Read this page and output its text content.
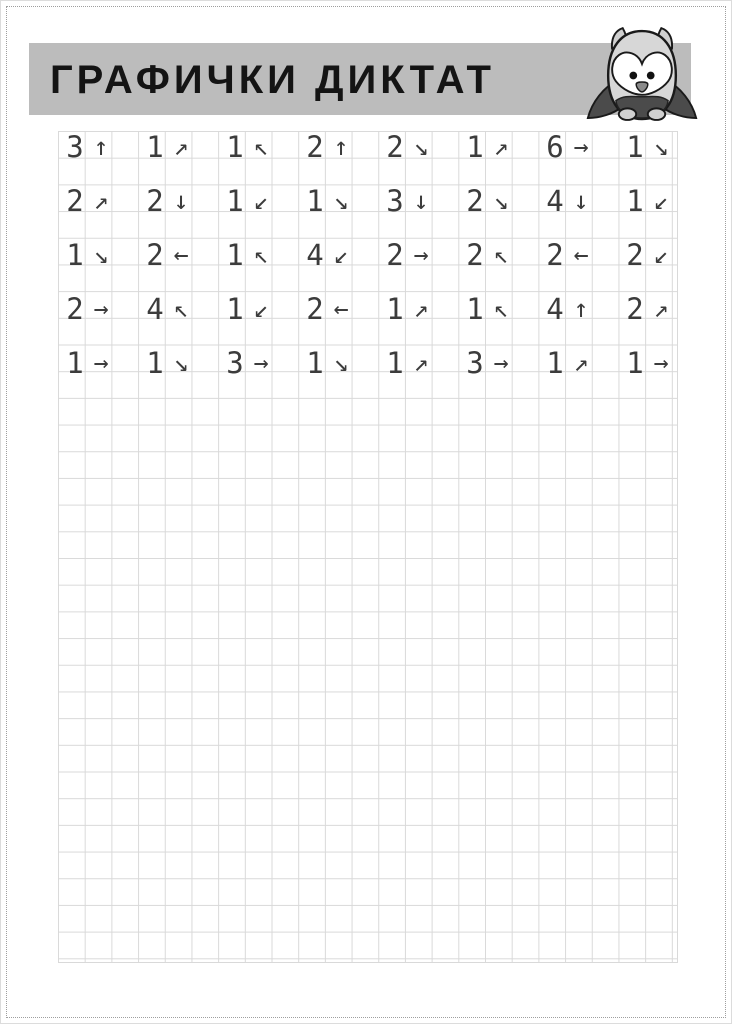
ГРАФИЧКИ ДИКТАТ
3 ↑	1 ↗	1 ↖	2 ↑	2 ↘	1 ↗	6 →	1 ↘
2 ↗	2 ↓	1 ↙	1 ↘	3 ↓	2 ↘	4 ↓	1 ↙
1 ↘	2 ←	1 ↖	4 ↙	2 →	2 ↖	2 ←	2 ↙
2 →	4 ↖	1 ↙	2 ←	1 ↗	1 ↖	4 ↑	2 ↗
1 →	1 ↘	3 →	1 ↘	1 ↗	3 →	1 ↗	1 →
